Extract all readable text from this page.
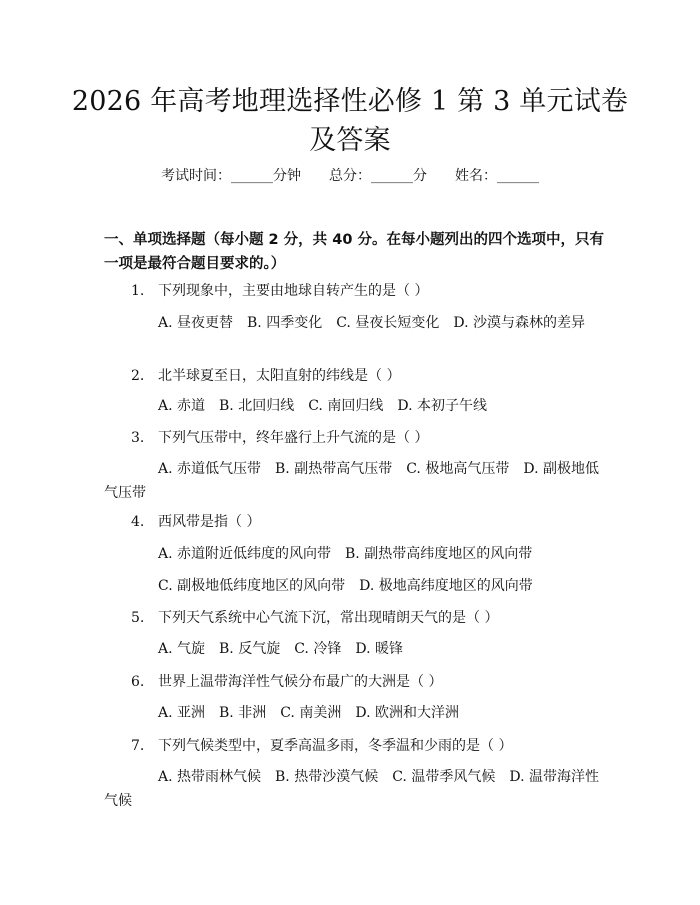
2026 年高考地理选择性必修 1 第 3 单元试卷及答案
考试时间：______分钟 总分：______分 姓名：______
一、单项选择题（每小题 2 分，共 40 分。在每小题列出的四个选项中，只有一项是最符合题目要求的。）
1. 下列现象中，主要由地球自转产生的是（ ）
A. 昼夜更替 B. 四季变化 C. 昼夜长短变化 D. 沙漠与森林的差异
2. 北半球夏至日，太阳直射的纬线是（ ）
A. 赤道 B. 北回归线 C. 南回归线 D. 本初子午线
3. 下列气压带中，终年盛行上升气流的是（ ）
A. 赤道低气压带 B. 副热带高气压带 C. 极地高气压带 D. 副极地低气压带
4. 西风带是指（ ）
A. 赤道附近低纬度的风向带 B. 副热带高纬度地区的风向带
C. 副极地低纬度地区的风向带 D. 极地高纬度地区的风向带
5. 下列天气系统中心气流下沉，常出现晴朗天气的是（ ）
A. 气旋 B. 反气旋 C. 冷锋 D. 暖锋
6. 世界上温带海洋性气候分布最广的大洲是（ ）
A. 亚洲 B. 非洲 C. 南美洲 D. 欧洲和大洋洲
7. 下列气候类型中，夏季高温多雨，冬季温和少雨的是（ ）
A. 热带雨林气候 B. 热带沙漠气候 C. 温带季风气候 D. 温带海洋性气候
